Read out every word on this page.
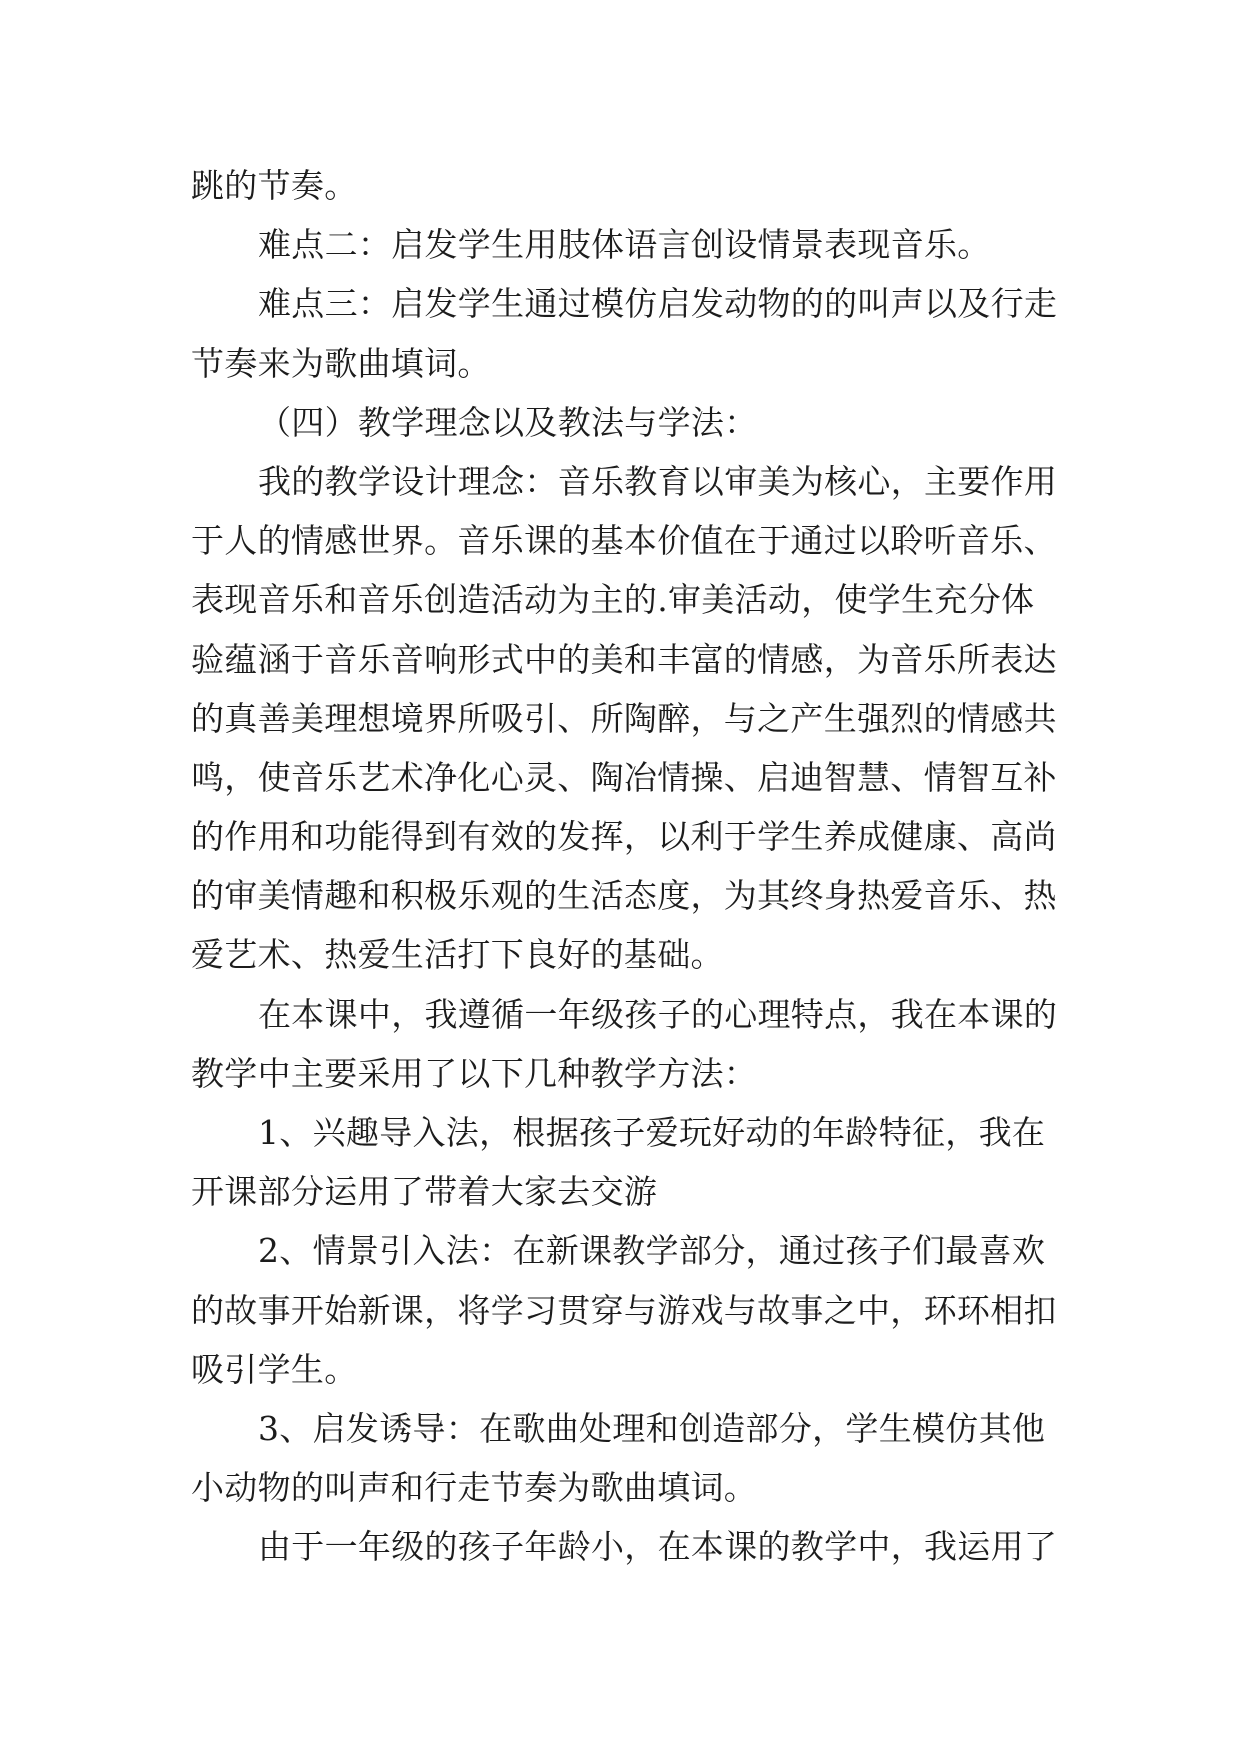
跳的节奏。

难点二：启发学生用肢体语言创设情景表现音乐。

难点三：启发学生通过模仿启发动物的的叫声以及行走
节奏来为歌曲填词。

（四）教学理念以及教法与学法：

我的教学设计理念：音乐教育以审美为核心，主要作用
于人的情感世界。音乐课的基本价值在于通过以聆听音乐、
表现音乐和音乐创造活动为主的.审美活动，使学生充分体
验蕴涵于音乐音响形式中的美和丰富的情感，为音乐所表达
的真善美理想境界所吸引、所陶醉，与之产生强烈的情感共
鸣，使音乐艺术净化心灵、陶冶情操、启迪智慧、情智互补
的作用和功能得到有效的发挥，以利于学生养成健康、高尚
的审美情趣和积极乐观的生活态度，为其终身热爱音乐、热
爱艺术、热爱生活打下良好的基础。

在本课中，我遵循一年级孩子的心理特点，我在本课的
教学中主要采用了以下几种教学方法：

1、兴趣导入法，根据孩子爱玩好动的年龄特征，我在
开课部分运用了带着大家去交游

2、情景引入法：在新课教学部分，通过孩子们最喜欢
的故事开始新课，将学习贯穿与游戏与故事之中，环环相扣
吸引学生。

3、启发诱导：在歌曲处理和创造部分，学生模仿其他
小动物的叫声和行走节奏为歌曲填词。

由于一年级的孩子年龄小，在本课的教学中，我运用了
